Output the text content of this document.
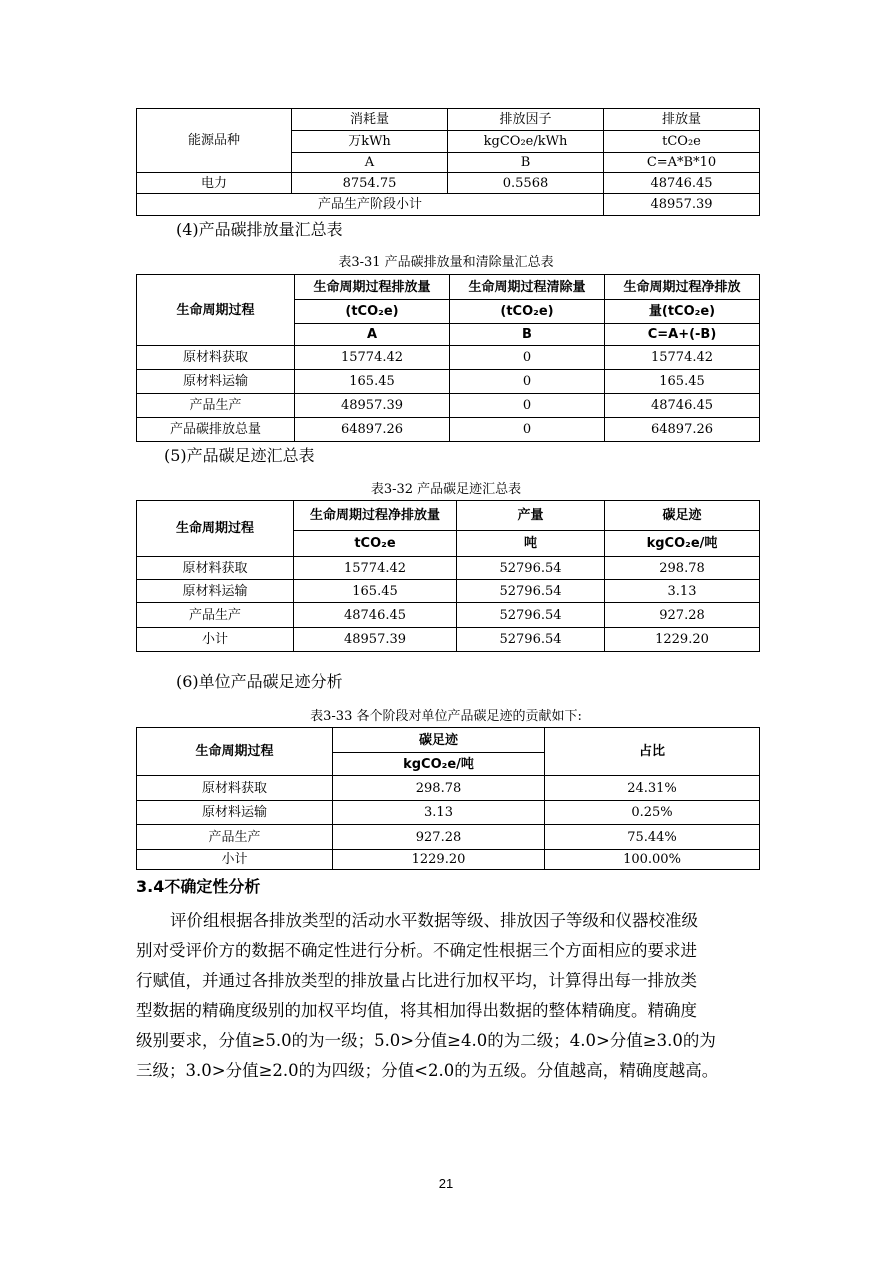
能源品种	消耗量	排放因子	排放量
	万kWh	kgCO₂e/kWh	tCO₂e
	A	B	C=A*B*10
电力	8754.75	0.5568	48746.45
产品生产阶段小计			48957.39
(4)产品碳排放量汇总表
表3-31 产品碳排放量和清除量汇总表
生命周期过程	生命周期过程排放量	生命周期过程清除量	生命周期过程净排放
	(tCO₂e)	(tCO₂e)	量(tCO₂e)
	A	B	C=A+(-B)
原材料获取	15774.42	0	15774.42
原材料运输	165.45	0	165.45
产品生产	48957.39	0	48746.45
产品碳排放总量	64897.26	0	64897.26
(5)产品碳足迹汇总表
表3-32 产品碳足迹汇总表
生命周期过程	生命周期过程净排放量	产量	碳足迹
	tCO₂e	吨	kgCO₂e/吨
原材料获取	15774.42	52796.54	298.78
原材料运输	165.45	52796.54	3.13
产品生产	48746.45	52796.54	927.28
小计	48957.39	52796.54	1229.20
(6)单位产品碳足迹分析
表3-33 各个阶段对单位产品碳足迹的贡献如下:
生命周期过程	碳足迹	占比
	kgCO₂e/吨	
原材料获取	298.78	24.31%
原材料运输	3.13	0.25%
产品生产	927.28	75.44%
小计	1229.20	100.00%
3.4不确定性分析
评价组根据各排放类型的活动水平数据等级、排放因子等级和仪器校准级
别对受评价方的数据不确定性进行分析。不确定性根据三个方面相应的要求进
行赋值，并通过各排放类型的排放量占比进行加权平均，计算得出每一排放类
型数据的精确度级别的加权平均值，将其相加得出数据的整体精确度。精确度
级别要求，分值≥5.0的为一级；5.0>分值≥4.0的为二级；4.0>分值≥3.0的为
三级；3.0>分值≥2.0的为四级；分值<2.0的为五级。分值越高，精确度越高。
21
